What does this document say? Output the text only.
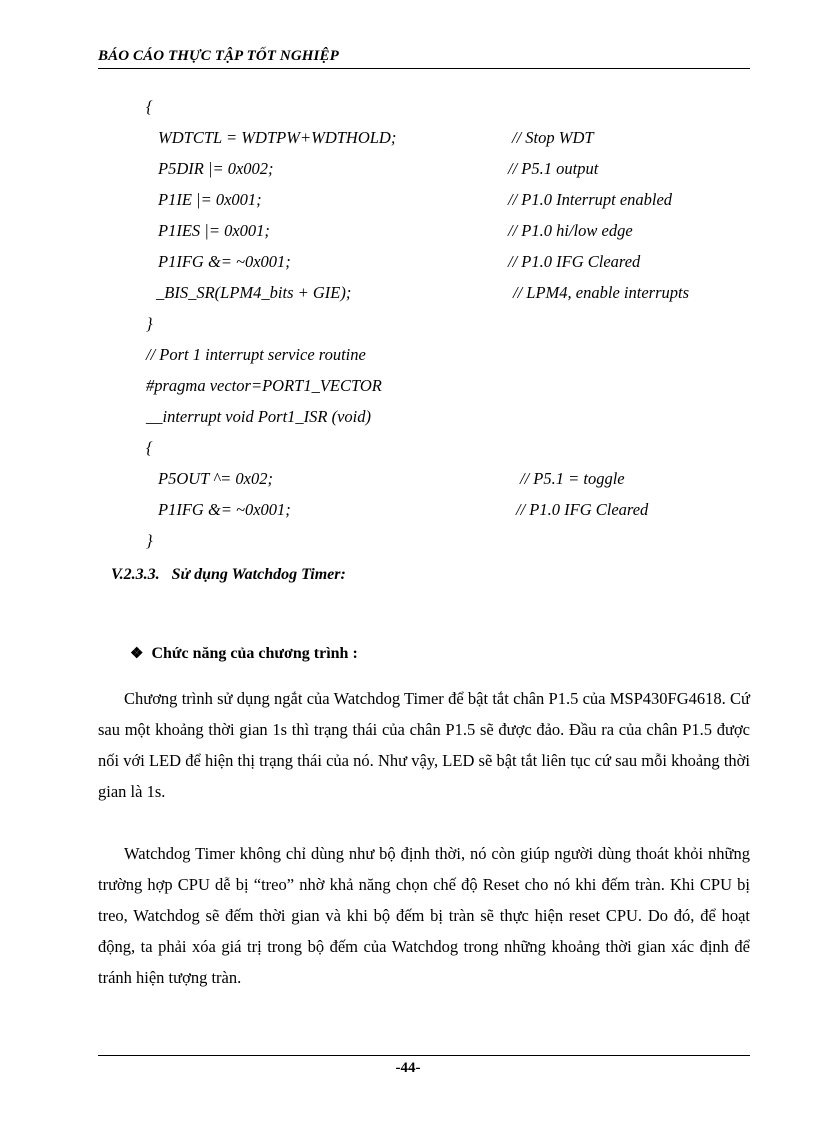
BÁO CÁO THỰC TẬP TỐT NGHIỆP
{
WDTCTL = WDTPW+WDTHOLD;	// Stop WDT
P5DIR |= 0x002;	// P5.1 output
P1IE |= 0x001;	// P1.0 Interrupt enabled
P1IES |= 0x001;	// P1.0 hi/low edge
P1IFG &= ~0x001;	// P1.0 IFG Cleared
_BIS_SR(LPM4_bits + GIE);	// LPM4, enable interrupts
}
// Port 1 interrupt service routine
#pragma vector=PORT1_VECTOR
__interrupt void Port1_ISR (void)
{
P5OUT ^= 0x02;	// P5.1 = toggle
P1IFG &= ~0x001;	// P1.0 IFG Cleared
}
V.2.3.3.   Sử dụng Watchdog Timer:

❖ Chức năng của chương trình :

Chương trình sử dụng ngắt của Watchdog Timer để bật tắt chân P1.5 của MSP430FG4618. Cứ sau một khoảng thời gian 1s thì trạng thái của chân P1.5 sẽ được đảo. Đầu ra của chân P1.5 được nối với LED để hiện thị trạng thái của nó. Như vậy, LED sẽ bật tắt liên tục cứ sau mỗi khoảng thời gian là 1s.
Watchdog Timer không chỉ dùng như bộ định thời, nó còn giúp người dùng thoát khỏi những trường hợp CPU dễ bị “treo” nhờ khả năng chọn chế độ Reset cho nó khi đếm tràn. Khi CPU bị treo, Watchdog sẽ đếm thời gian và khi bộ đếm bị tràn sẽ thực hiện reset CPU. Do đó, để hoạt động, ta phải xóa giá trị trong bộ đếm của Watchdog trong những khoảng thời gian xác định để tránh hiện tượng tràn.
-44-
